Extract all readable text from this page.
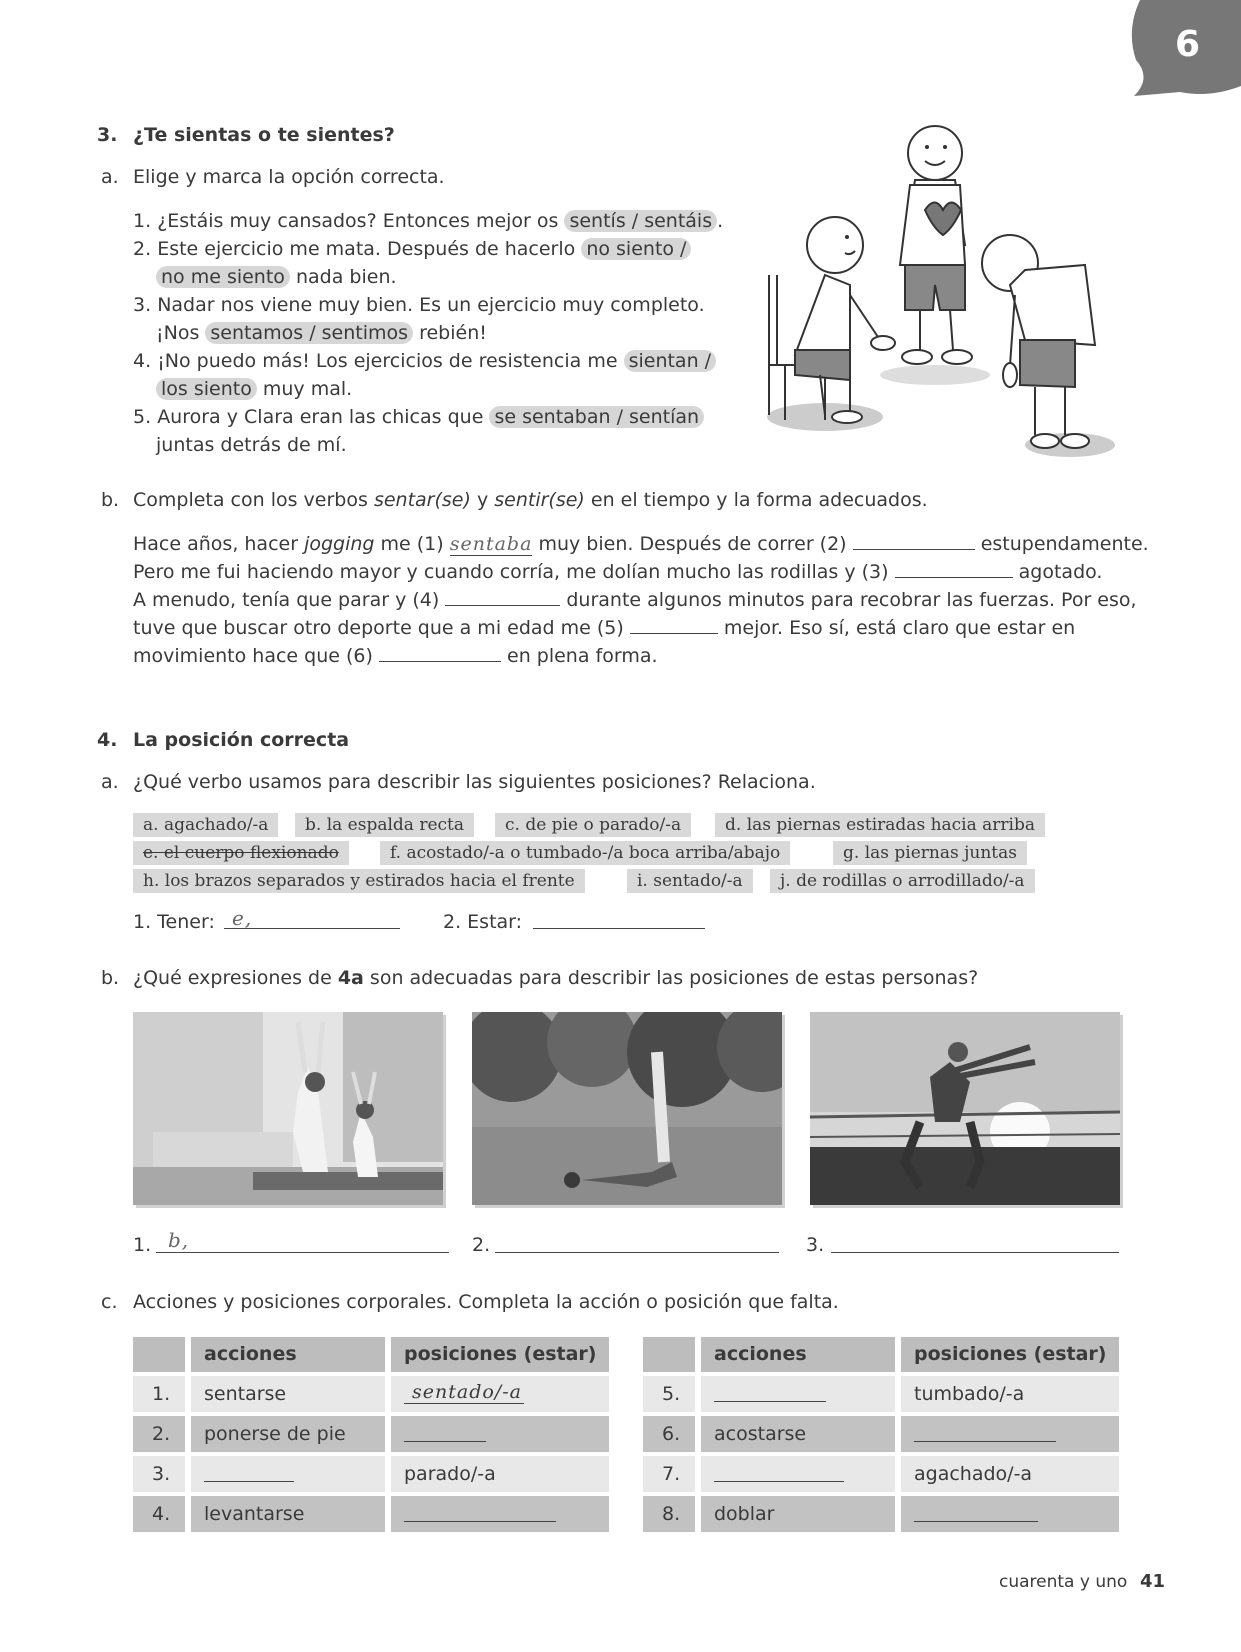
6
3. ¿Te sientas o te sientes?
a. Elige y marca la opción correcta.
1. ¿Estáis muy cansados? Entonces mejor os sentís / sentáis .
2. Este ejercicio me mata. Después de hacerlo no siento /
no me siento nada bien.
3. Nadar nos viene muy bien. Es un ejercicio muy completo.
¡Nos sentamos / sentimos rebién!
4. ¡No puedo más! Los ejercicios de resistencia me sientan /
los siento muy mal.
5. Aurora y Clara eran las chicas que se sentaban / sentían
juntas detrás de mí.
b. Completa con los verbos sentar(se) y sentir(se) en el tiempo y la forma adecuados.
Hace años, hacer jogging me (1) sentaba muy bien. Después de correr (2)	estupendamente.
Pero me fui haciendo mayor y cuando corría, me dolían mucho las rodillas y (3)	agotado.
A menudo, tenía que parar y (4)	durante algunos minutos para recobrar las fuerzas. Por eso,
tuve que buscar otro deporte que a mi edad me (5)	mejor. Eso sí, está claro que estar en
movimiento hace que (6)	en plena forma.
4. La posición correcta
a. ¿Qué verbo usamos para describir las siguientes posiciones? Relaciona.
a. agachado/-a	b. la espalda recta	c. de pie o parado/-a	d. las piernas estiradas hacia arriba
e. el cuerpo flexionado	f. acostado/-a o tumbado-/a boca arriba/abajo	g. las piernas juntas
h. los brazos separados y estirados hacia el frente	i. sentado/-a	j. de rodillas o arrodillado/-a
1. Tener: e,	2. Estar:
b. ¿Qué expresiones de 4a son adecuadas para describir las posiciones de estas personas?
1. b,	2.	3.
c. Acciones y posiciones corporales. Completa la acción o posición que falta.
acciones	posiciones (estar)
1. sentarse	sentado/-a
2. ponerse de pie
3.	parado/-a
4. levantarse
acciones	posiciones (estar)
5.	tumbado/-a
6. acostarse
7.	agachado/-a
8. doblar
cuarenta y uno 41
